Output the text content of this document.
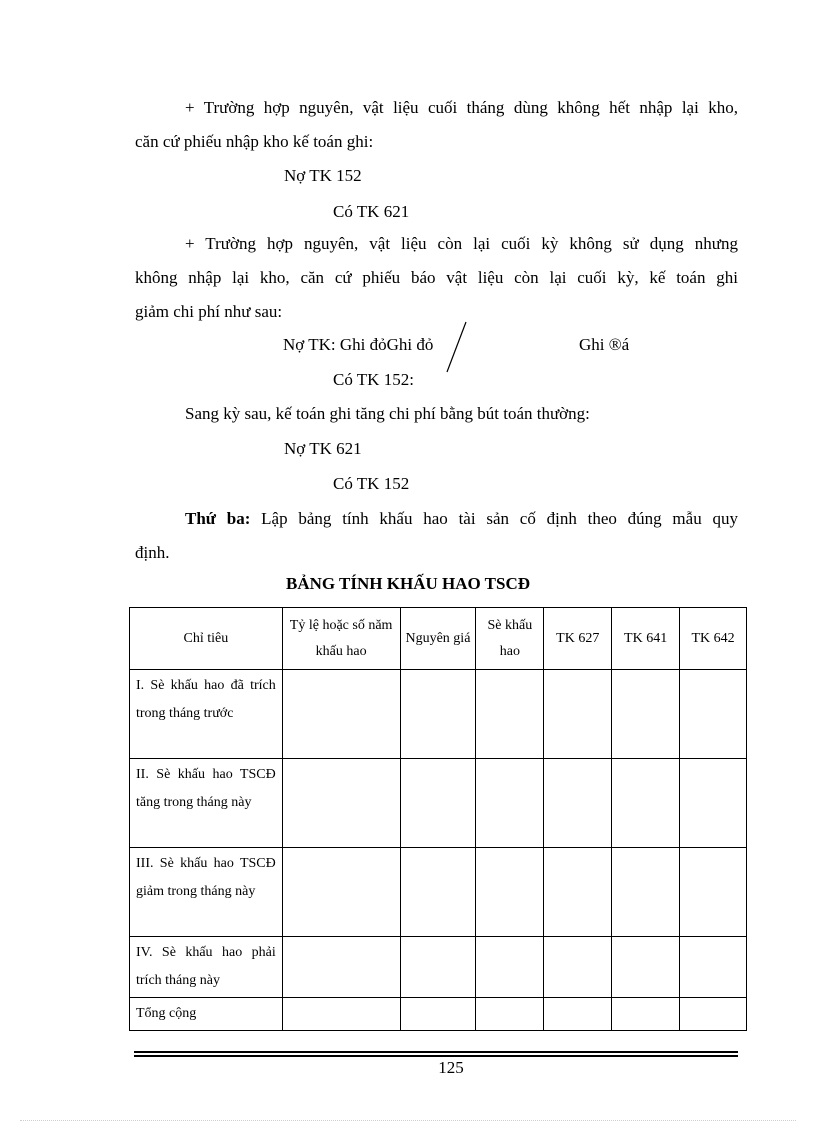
+ Trường hợp nguyên, vật liệu cuối tháng dùng không hết nhập lại kho,
căn cứ phiếu nhập kho kế toán ghi:
Nợ TK 152
Có TK 621
+ Trường hợp nguyên, vật liệu còn lại cuối kỳ không sử dụng nhưng
không nhập lại kho, căn cứ phiếu báo vật liệu còn lại cuối kỳ, kế toán ghi
giảm chi phí như sau:
Nợ TK: Ghi đỏGhi đỏ	Ghi ®á
Có TK 152:
Sang kỳ sau, kế toán ghi tăng chi phí bằng bút toán thường:
Nợ TK 621
Có TK 152
Thứ ba: Lập bảng tính khấu hao tài sản cố định theo đúng mẫu quy
định.
BẢNG TÍNH KHẤU HAO TSCĐ
Chỉ tiêu	Tỷ lệ hoặc số năm khấu hao	Nguyên giá	Sè khấu hao	TK 627	TK 641	TK 642
I. Sè khấu hao đã trích trong tháng trước						
II. Sè khấu hao TSCĐ tăng trong tháng này						
III. Sè khấu hao TSCĐ giảm trong tháng này						
IV. Sè khấu hao phải trích tháng này						
Tổng cộng						
125
